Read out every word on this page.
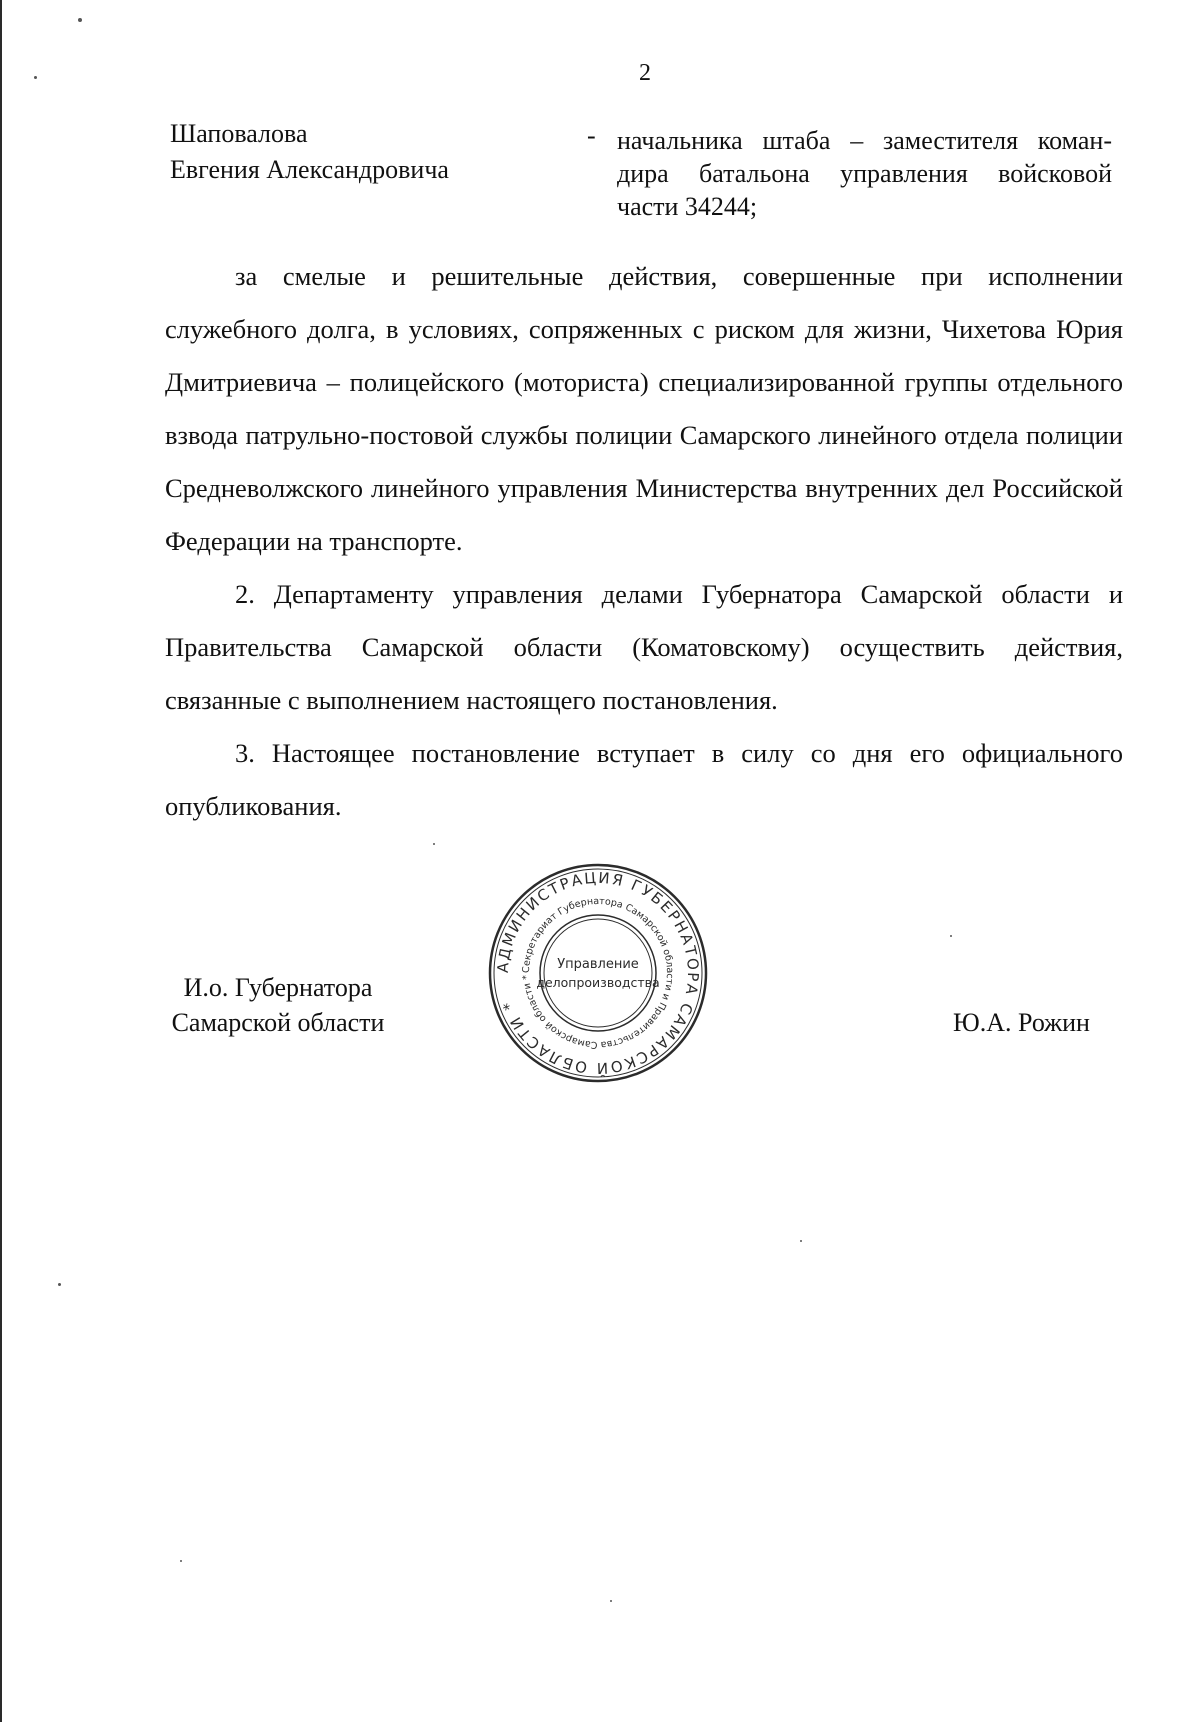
2
Шаповалова
Евгения Александровича
- начальника штаба – заместителя коман-
дира батальона управления войсковой
части 34244;

за смелые и решительные действия, совершенные при исполнении служебного долга, в условиях, сопряженных с риском для жизни, Чихетова Юрия Дмитриевича – полицейского (моториста) специализированной группы отдельного взвода патрульно-постовой службы полиции Самарского линейного отдела полиции Средневолжского линейного управления Министерства внутренних дел Российской Федерации на транспорте.

2. Департаменту управления делами Губернатора Самарской области и Правительства Самарской области (Коматовскому) осуществить действия, связанные с выполнением настоящего постановления.

3. Настоящее постановление вступает в силу со дня его официального опубликования.

И.о. Губернатора
Самарской области	Ю.А. Рожин
АДМИНИСТРАЦИЯ ГУБЕРНАТОРА САМАРСКОЙ ОБЛАСТИ *
Секретариат Губернатора Самарской области и Правительства Самарской области *
Управление
делопроизводства
